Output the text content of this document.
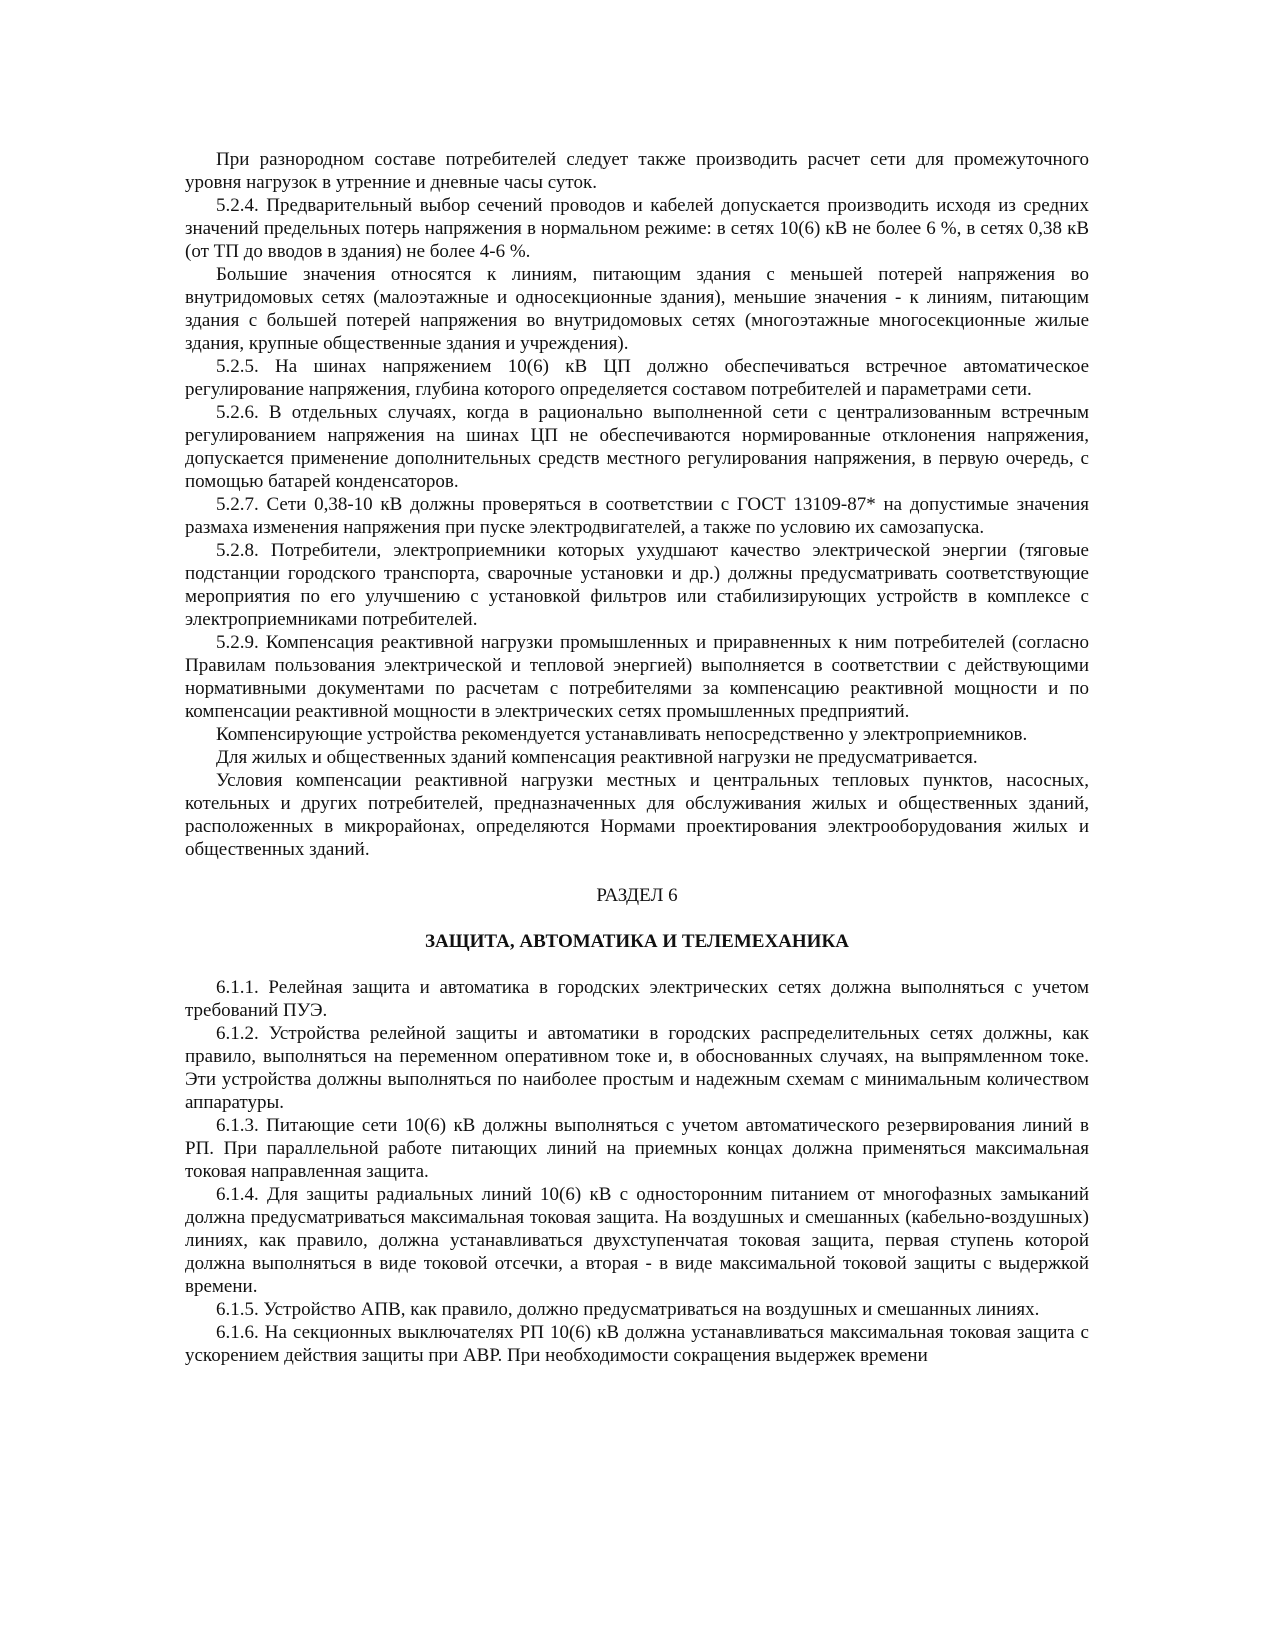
При разнородном составе потребителей следует также производить расчет сети для промежуточного уровня нагрузок в утренние и дневные часы суток.

5.2.4. Предварительный выбор сечений проводов и кабелей допускается производить исходя из средних значений предельных потерь напряжения в нормальном режиме: в сетях 10(6) кВ не более 6 %, в сетях 0,38 кВ (от ТП до вводов в здания) не более 4-6 %.

Большие значения относятся к линиям, питающим здания с меньшей потерей напряжения во внутридомовых сетях (малоэтажные и односекционные здания), меньшие значения - к линиям, питающим здания с большей потерей напряжения во внутридомовых сетях (многоэтажные многосекционные жилые здания, крупные общественные здания и учреждения).

5.2.5. На шинах напряжением 10(6) кВ ЦП должно обеспечиваться встречное автоматическое регулирование напряжения, глубина которого определяется составом потребителей и параметрами сети.

5.2.6. В отдельных случаях, когда в рационально выполненной сети с централизованным встречным регулированием напряжения на шинах ЦП не обеспечиваются нормированные отклонения напряжения, допускается применение дополнительных средств местного регулирования напряжения, в первую очередь, с помощью батарей конденсаторов.

5.2.7. Сети 0,38-10 кВ должны проверяться в соответствии с ГОСТ 13109-87* на допустимые значения размаха изменения напряжения при пуске электродвигателей, а также по условию их самозапуска.

5.2.8. Потребители, электроприемники которых ухудшают качество электрической энергии (тяговые подстанции городского транспорта, сварочные установки и др.) должны предусматривать соответствующие мероприятия по его улучшению с установкой фильтров или стабилизирующих устройств в комплексе с электроприемниками потребителей.

5.2.9. Компенсация реактивной нагрузки промышленных и приравненных к ним потребителей (согласно Правилам пользования электрической и тепловой энергией) выполняется в соответствии с действующими нормативными документами по расчетам с потребителями за компенсацию реактивной мощности и по компенсации реактивной мощности в электрических сетях промышленных предприятий.

Компенсирующие устройства рекомендуется устанавливать непосредственно у электроприемников.

Для жилых и общественных зданий компенсация реактивной нагрузки не предусматривается.

Условия компенсации реактивной нагрузки местных и центральных тепловых пунктов, насосных, котельных и других потребителей, предназначенных для обслуживания жилых и общественных зданий, расположенных в микрорайонах, определяются Нормами проектирования электрооборудования жилых и общественных зданий.

РАЗДЕЛ 6

ЗАЩИТА, АВТОМАТИКА И ТЕЛЕМЕХАНИКА

6.1.1. Релейная защита и автоматика в городских электрических сетях должна выполняться с учетом требований ПУЭ.

6.1.2. Устройства релейной защиты и автоматики в городских распределительных сетях должны, как правило, выполняться на переменном оперативном токе и, в обоснованных случаях, на выпрямленном токе. Эти устройства должны выполняться по наиболее простым и надежным схемам с минимальным количеством аппаратуры.

6.1.3. Питающие сети 10(6) кВ должны выполняться с учетом автоматического резервирования линий в РП. При параллельной работе питающих линий на приемных концах должна применяться максимальная токовая направленная защита.

6.1.4. Для защиты радиальных линий 10(6) кВ с односторонним питанием от многофазных замыканий должна предусматриваться максимальная токовая защита. На воздушных и смешанных (кабельно-воздушных) линиях, как правило, должна устанавливаться двухступенчатая токовая защита, первая ступень которой должна выполняться в виде токовой отсечки, а вторая - в виде максимальной токовой защиты с выдержкой времени.

6.1.5. Устройство АПВ, как правило, должно предусматриваться на воздушных и смешанных линиях.

6.1.6. На секционных выключателях РП 10(6) кВ должна устанавливаться максимальная токовая защита с ускорением действия защиты при АВР. При необходимости сокращения выдержек времени
